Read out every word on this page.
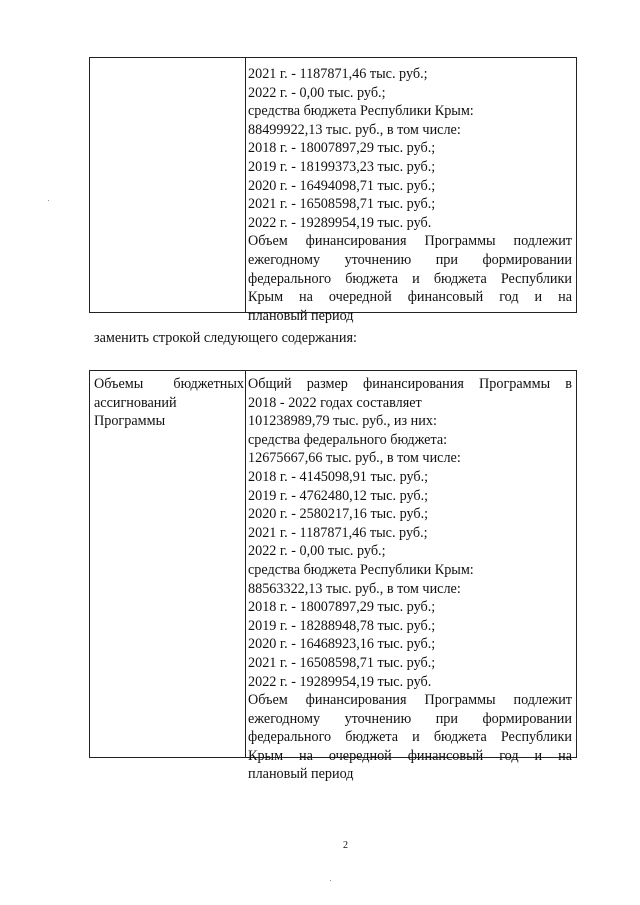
2021 г. - 1187871,46 тыс. руб.;
2022 г. - 0,00 тыс. руб.;
средства бюджета Республики Крым:
88499922,13 тыс. руб., в том числе:
2018 г. - 18007897,29 тыс. руб.;
2019 г. - 18199373,23 тыс. руб.;
2020 г. - 16494098,71 тыс. руб.;
2021 г. - 16508598,71 тыс. руб.;
2022 г. - 19289954,19 тыс. руб.
Объем финансирования Программы подлежит
ежегодному уточнению при формировании
федерального бюджета и бюджета Республики
Крым на очередной финансовый год и на
плановый период
заменить строкой следующего содержания:
Объемы бюджетных
ассигнований
Программы
Общий размер финансирования Программы в
2018 - 2022 годах составляет
101238989,79 тыс. руб., из них:
средства федерального бюджета:
12675667,66 тыс. руб., в том числе:
2018 г. - 4145098,91 тыс. руб.;
2019 г. - 4762480,12 тыс. руб.;
2020 г. - 2580217,16 тыс. руб.;
2021 г. - 1187871,46 тыс. руб.;
2022 г. - 0,00 тыс. руб.;
средства бюджета Республики Крым:
88563322,13 тыс. руб., в том числе:
2018 г. - 18007897,29 тыс. руб.;
2019 г. - 18288948,78 тыс. руб.;
2020 г. - 16468923,16 тыс. руб.;
2021 г. - 16508598,71 тыс. руб.;
2022 г. - 19289954,19 тыс. руб.
Объем финансирования Программы подлежит
ежегодному уточнению при формировании
федерального бюджета и бюджета Республики
Крым на очередной финансовый год и на
плановый период
2
